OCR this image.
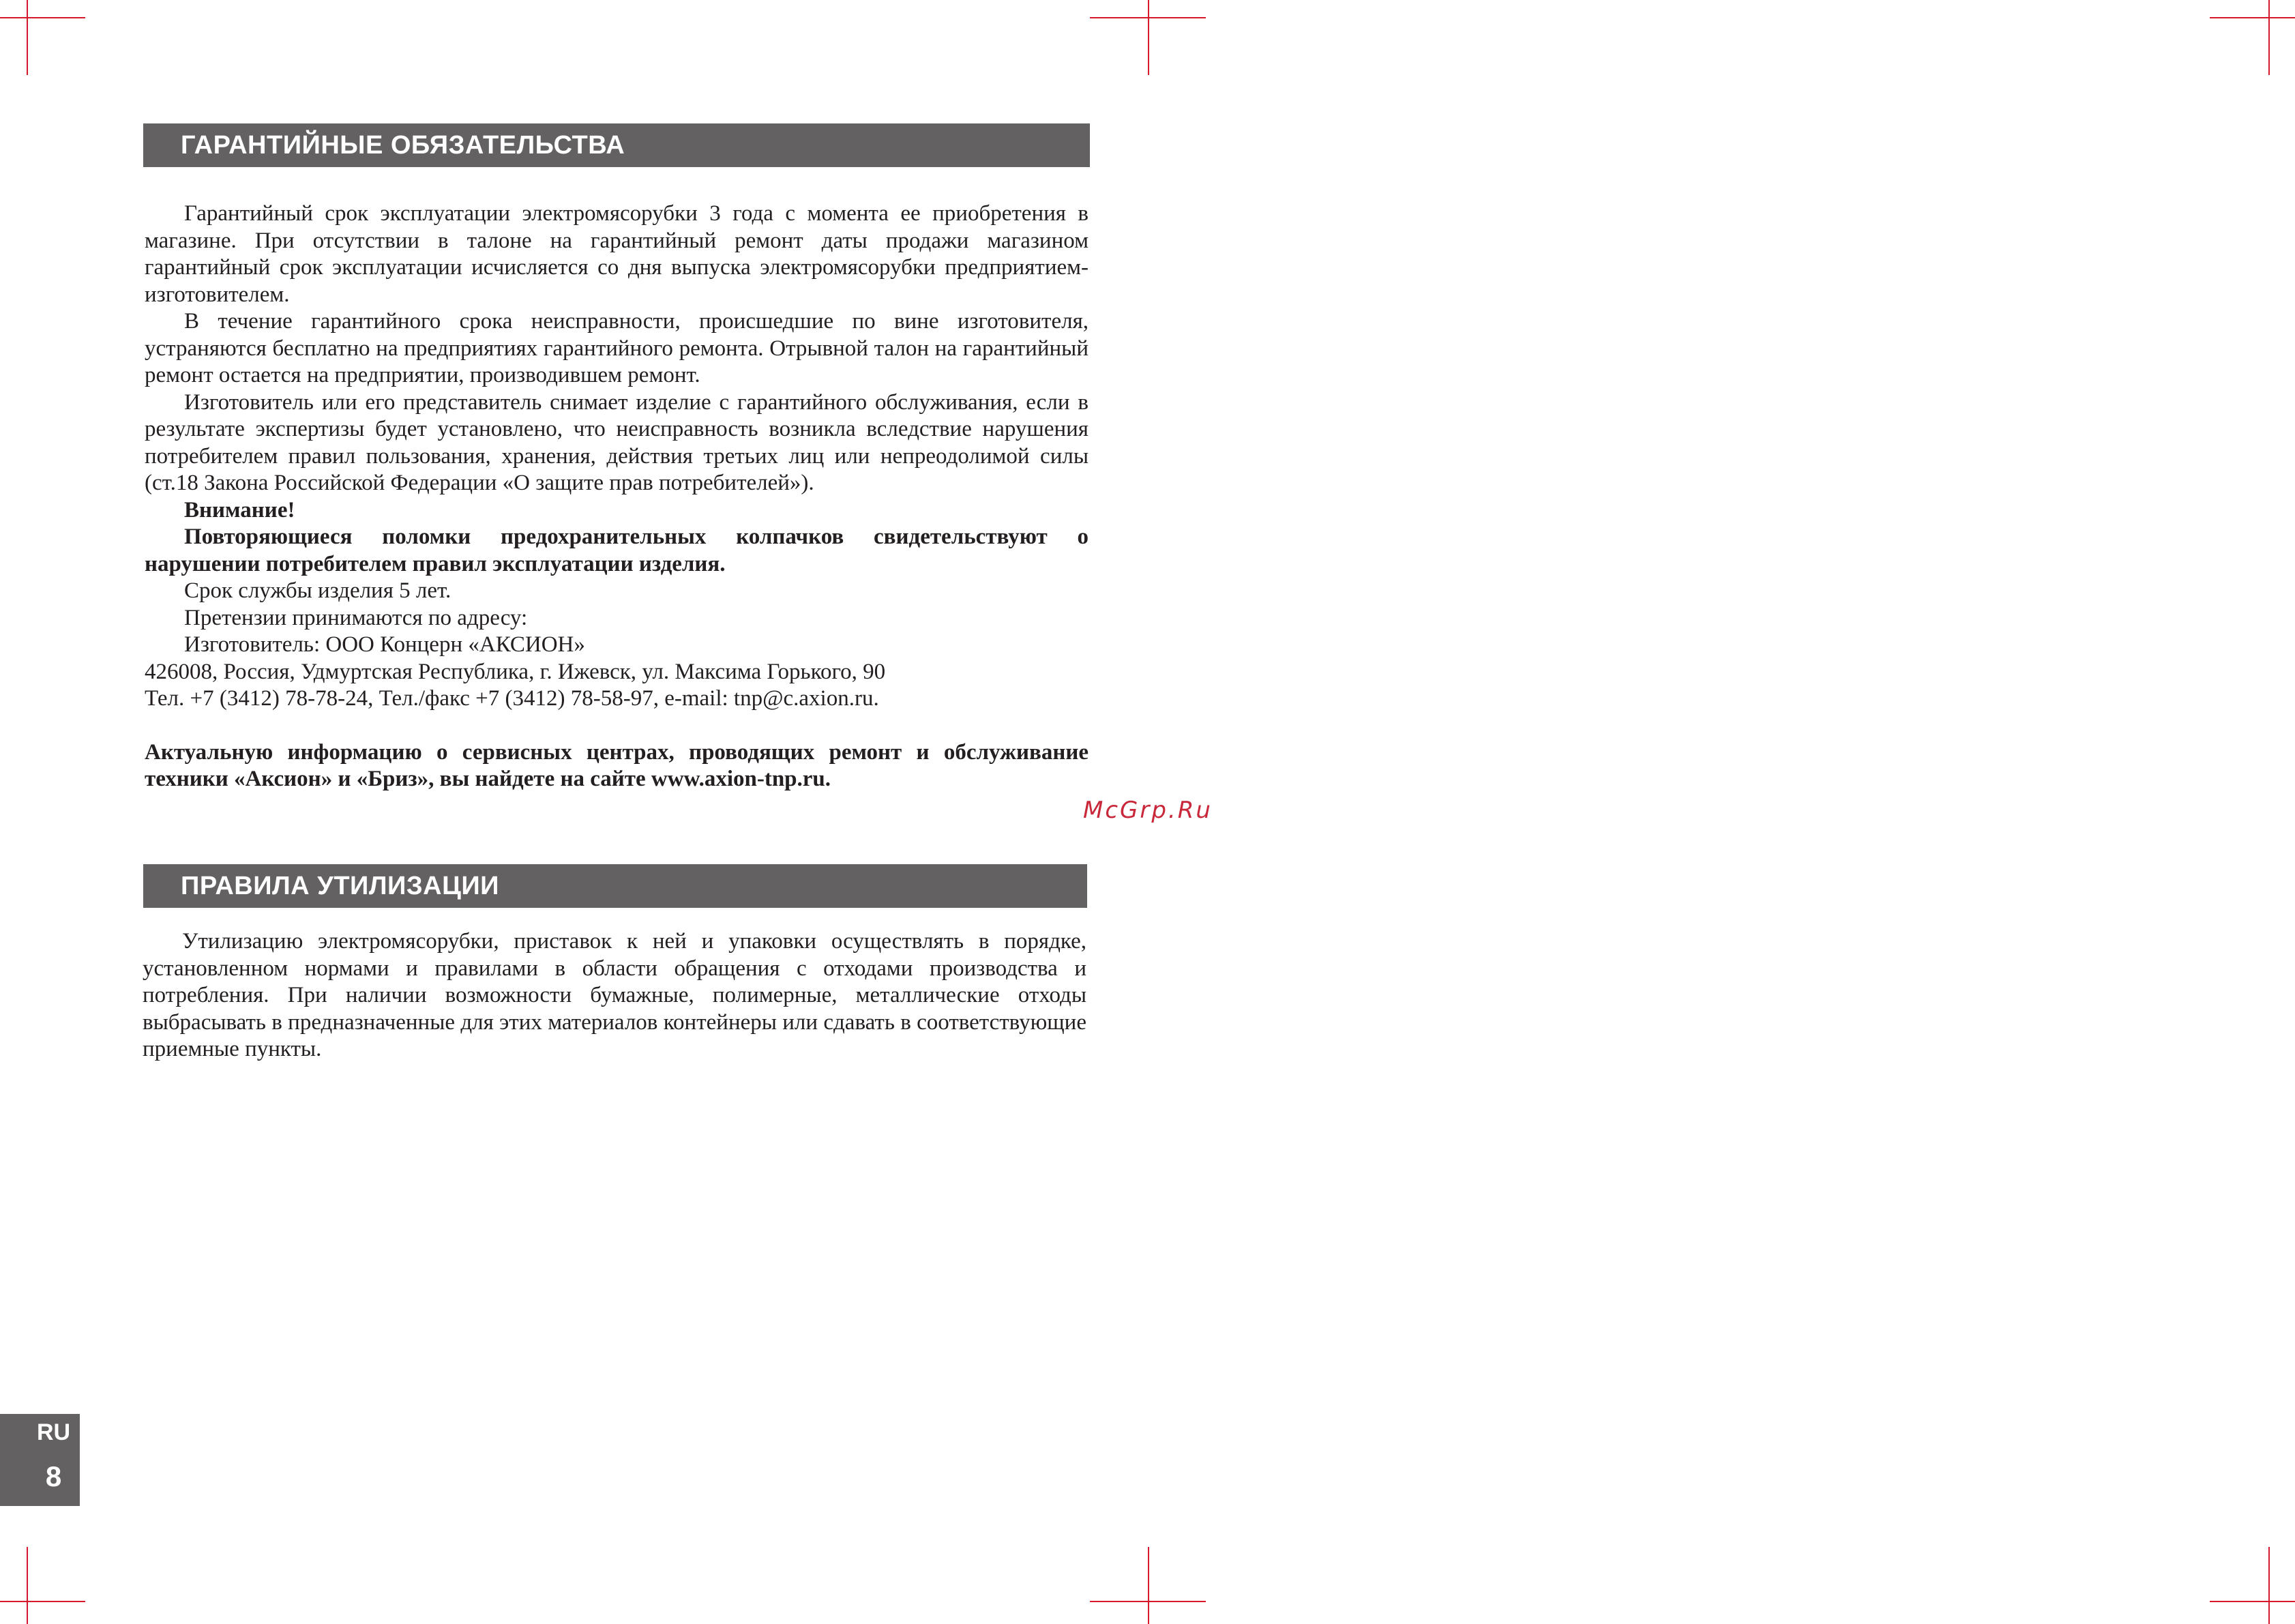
ГАРАНТИЙНЫЕ ОБЯЗАТЕЛЬСТВА

Гарантийный срок эксплуатации электромясорубки 3 года с момента ее приобретения в магазине. При отсутствии в талоне на гарантийный ремонт даты продажи магазином гарантийный срок эксплуатации исчисляется со дня выпуска электромясорубки предприятием-изготовителем.

В течение гарантийного срока неисправности, происшедшие по вине изготовителя, устраняются бесплатно на предприятиях гарантийного ремонта. Отрывной талон на гарантийный ремонт остается на предприятии, производившем ремонт.

Изготовитель или его представитель снимает изделие с гарантийного обслуживания, если в результате экспертизы будет установлено, что неисправность возникла вследствие нарушения потребителем правил пользования, хранения, действия третьих лиц или непреодолимой силы (ст.18 Закона Российской Федерации «О защите прав потребителей»).

Внимание!

Повторяющиеся поломки предохранительных колпачков свидетельствуют о нарушении потребителем правил эксплуатации изделия.

Срок службы изделия 5 лет.

Претензии принимаются по адресу:

Изготовитель: ООО Концерн «АКСИОН»

426008, Россия, Удмуртская Республика, г. Ижевск, ул. Максима Горького, 90

Тел. +7 (3412) 78-78-24, Тел./факс +7 (3412) 78-58-97, e-mail: tnp@c.axion.ru.

Актуальную информацию о сервисных центрах, проводящих ремонт и обслуживание техники «Аксион» и «Бриз», вы найдете на сайте www.axion-tnp.ru.

McGrp.Ru
ПРАВИЛА УТИЛИЗАЦИИ

Утилизацию электромясорубки, приставок к ней и упаковки осуществлять в порядке, установленном нормами и правилами в области обращения с отходами производства и потребления. При наличии возможности бумажные, полимерные, металлические отходы выбрасывать в предназначенные для этих материалов контейнеры или сдавать в соответствующие приемные пункты.

RU
8
